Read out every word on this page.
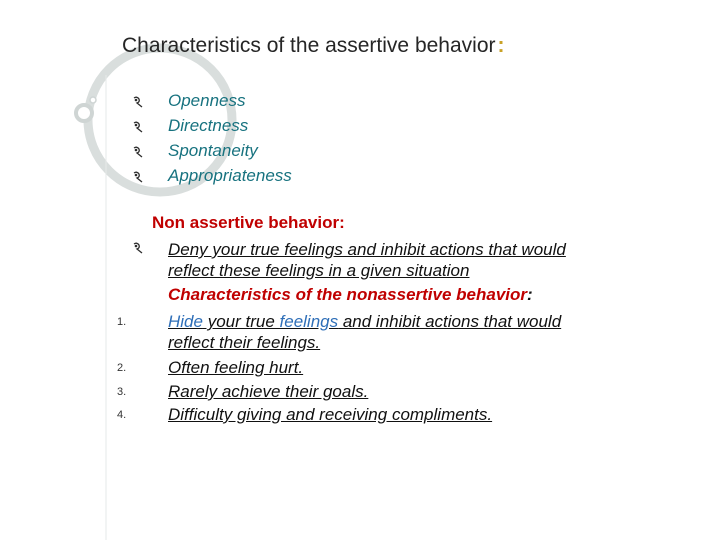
Characteristics of the assertive behavior:
Openness
Directness
Spontaneity
Appropriateness
Non assertive behavior:
Deny your true feelings and inhibit actions that would
reflect these feelings in a given situation
Characteristics of the nonassertive behavior:
1. Hide your true feelings and inhibit actions that would
reflect their feelings.
2. Often feeling hurt.
3. Rarely achieve their goals.
4. Difficulty giving and receiving compliments.
